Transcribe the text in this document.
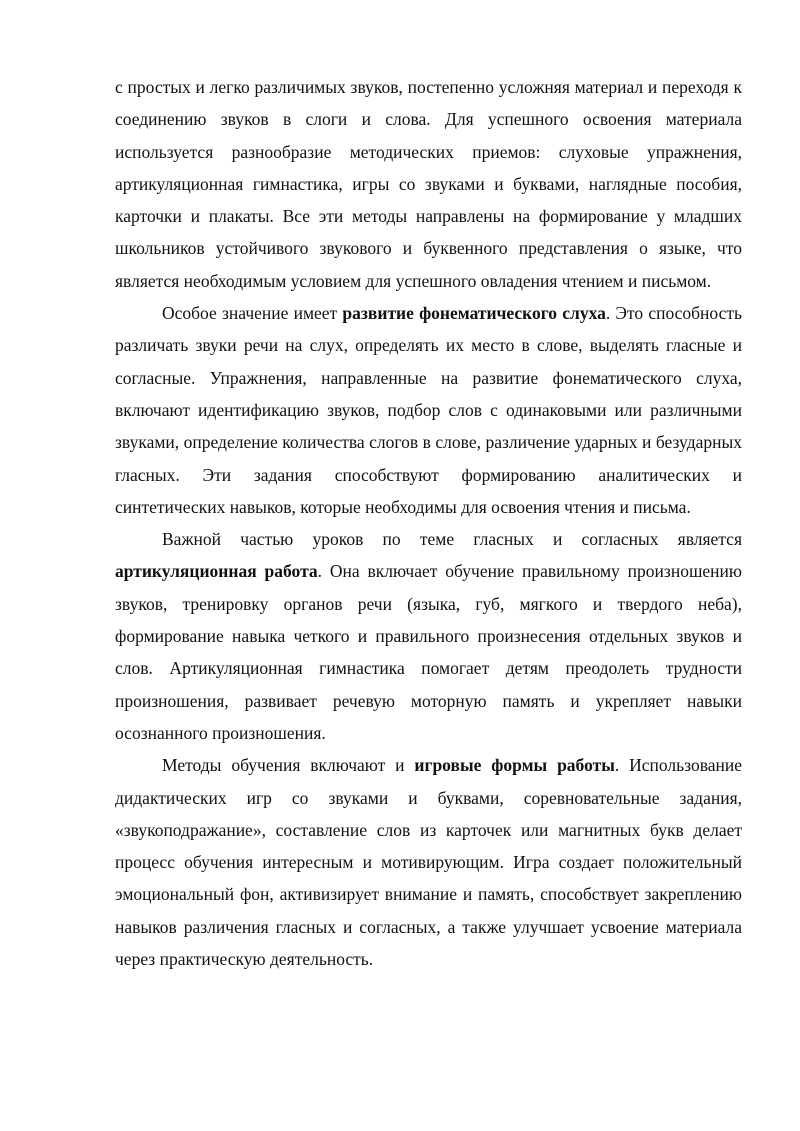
с простых и легко различимых звуков, постепенно усложняя материал и переходя к соединению звуков в слоги и слова. Для успешного освоения материала используется разнообразие методических приемов: слуховые упражнения, артикуляционная гимнастика, игры со звуками и буквами, наглядные пособия, карточки и плакаты. Все эти методы направлены на формирование у младших школьников устойчивого звукового и буквенного представления о языке, что является необходимым условием для успешного овладения чтением и письмом.

Особое значение имеет развитие фонематического слуха. Это способность различать звуки речи на слух, определять их место в слове, выделять гласные и согласные. Упражнения, направленные на развитие фонематического слуха, включают идентификацию звуков, подбор слов с одинаковыми или различными звуками, определение количества слогов в слове, различение ударных и безударных гласных. Эти задания способствуют формированию аналитических и синтетических навыков, которые необходимы для освоения чтения и письма.

Важной частью уроков по теме гласных и согласных является артикуляционная работа. Она включает обучение правильному произношению звуков, тренировку органов речи (языка, губ, мягкого и твердого неба), формирование навыка четкого и правильного произнесения отдельных звуков и слов. Артикуляционная гимнастика помогает детям преодолеть трудности произношения, развивает речевую моторную память и укрепляет навыки осознанного произношения.

Методы обучения включают и игровые формы работы. Использование дидактических игр со звуками и буквами, соревновательные задания, «звукоподражание», составление слов из карточек или магнитных букв делает процесс обучения интересным и мотивирующим. Игра создает положительный эмоциональный фон, активизирует внимание и память, способствует закреплению навыков различения гласных и согласных, а также улучшает усвоение материала через практическую деятельность.
